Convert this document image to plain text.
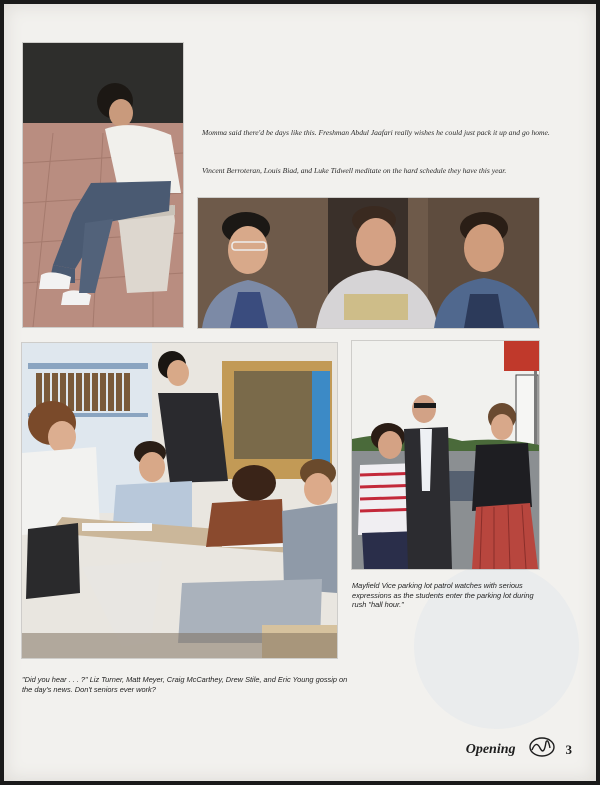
Momma said there'd be days like this. Freshman Abdul Jaafari really wishes he could just pack it up and go home.

Vincent Berroteran, Louis Biad, and Luke Tidwell meditate on the hard schedule they have this year.

Mayfield Vice parking lot patrol watches with serious expressions as the students enter the parking lot during rush "hall hour."

"Did you hear . . . ?" Liz Turner, Matt Meyer, Craig McCarthey, Drew Stile, and Eric Young gossip on the day's news. Don't seniors ever work?

Opening	3
